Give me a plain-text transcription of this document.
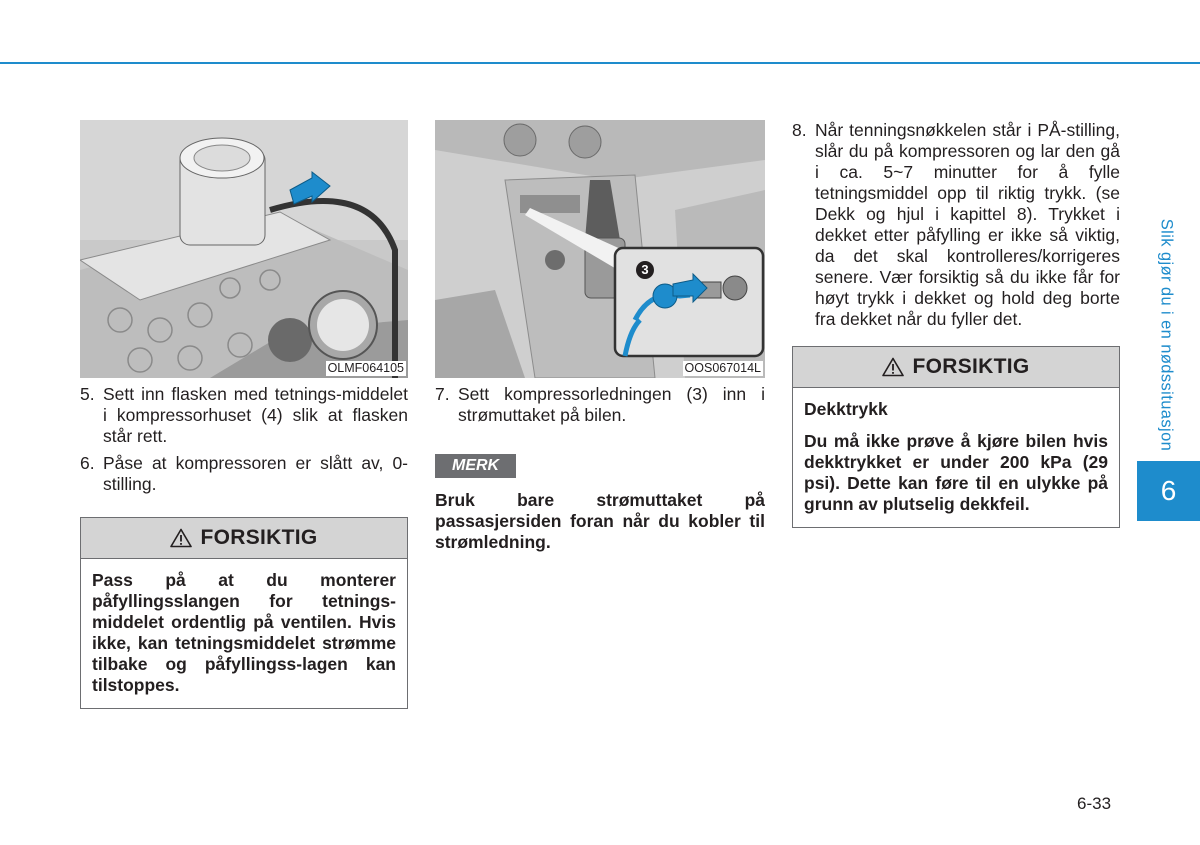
OLMF064105
5. Sett inn flasken med tetnings-middelet i kompressorhuset (4) slik at flasken står rett.
6. Påse at kompressoren er slått av, 0-stilling.
FORSIKTIG
Pass på at du monterer påfyllingsslangen for tetnings-middelet ordentlig på ventilen. Hvis ikke, kan tetningsmiddelet strømme tilbake og påfyllingss-lagen kan tilstoppes.
3
OOS067014L
7. Sett kompressorledningen (3) inn i strømuttaket på bilen.
MERK
Bruk bare strømuttaket på passasjersiden foran når du kobler til strømledning.
8. Når tenningsnøkkelen står i PÅ-stilling, slår du på kompressoren og lar den gå i ca. 5~7 minutter for å fylle tetningsmiddel opp til riktig trykk. (se Dekk og hjul i kapittel 8). Trykket i dekket etter påfylling er ikke så viktig, da det skal kontrolleres/korrigeres senere. Vær forsiktig så du ikke får for høyt trykk i dekket og hold deg borte fra dekket når du fyller det.
FORSIKTIG
Dekktrykk
Du må ikke prøve å kjøre bilen hvis dekktrykket er under 200 kPa (29 psi). Dette kan føre til en ulykke på grunn av plutselig dekkfeil.
Slik gjør du i en nødssituasjon
6
6-33
